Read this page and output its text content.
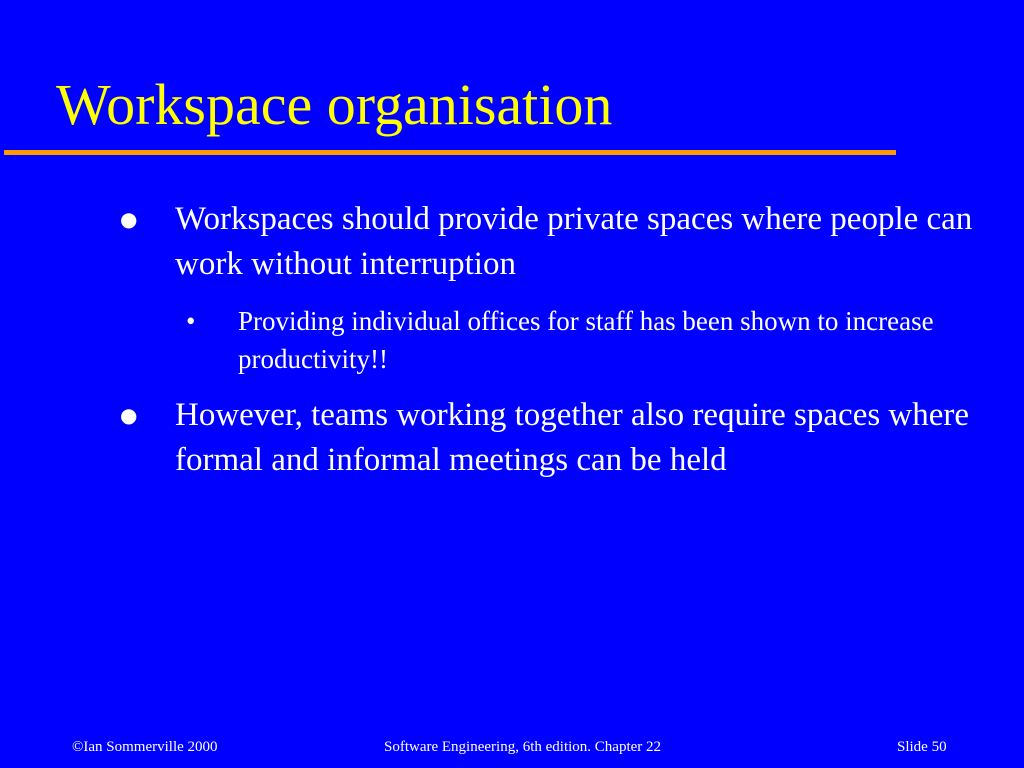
Workspace organisation
● Workspaces should provide private spaces where people can work without interruption
• Providing individual offices for staff has been shown to increase productivity!!
● However, teams working together also require spaces where formal and informal meetings can be held
©Ian Sommerville 2000	Software Engineering, 6th edition. Chapter 22	Slide 50
